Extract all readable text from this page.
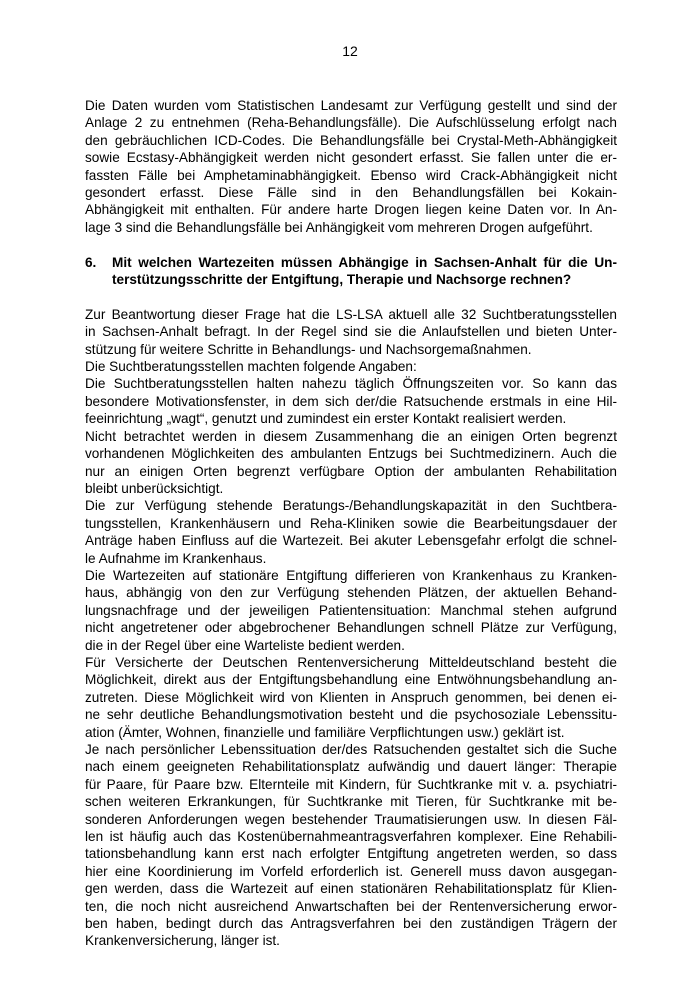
12
Die Daten wurden vom Statistischen Landesamt zur Verfügung gestellt und sind der
Anlage 2 zu entnehmen (Reha-Behandlungsfälle). Die Aufschlüsselung erfolgt nach
den gebräuchlichen ICD-Codes. Die Behandlungsfälle bei Crystal-Meth-Abhängigkeit
sowie Ecstasy-Abhängigkeit werden nicht gesondert erfasst. Sie fallen unter die er-
fassten Fälle bei Amphetaminabhängigkeit. Ebenso wird Crack-Abhängigkeit nicht
gesondert erfasst. Diese Fälle sind in den Behandlungsfällen bei Kokain-
Abhängigkeit mit enthalten. Für andere harte Drogen liegen keine Daten vor. In An-
lage 3 sind die Behandlungsfälle bei Anhängigkeit vom mehreren Drogen aufgeführt.
6.	Mit welchen Wartezeiten müssen Abhängige in Sachsen-Anhalt für die Un-
terstützungsschritte der Entgiftung, Therapie und Nachsorge rechnen?
Zur Beantwortung dieser Frage hat die LS-LSA aktuell alle 32 Suchtberatungsstellen
in Sachsen-Anhalt befragt. In der Regel sind sie die Anlaufstellen und bieten Unter-
stützung für weitere Schritte in Behandlungs- und Nachsorgemaßnahmen.
Die Suchtberatungsstellen machten folgende Angaben:
Die Suchtberatungsstellen halten nahezu täglich Öffnungszeiten vor. So kann das
besondere Motivationsfenster, in dem sich der/die Ratsuchende erstmals in eine Hil-
feeinrichtung „wagt“, genutzt und zumindest ein erster Kontakt realisiert werden.
Nicht betrachtet werden in diesem Zusammenhang die an einigen Orten begrenzt
vorhandenen Möglichkeiten des ambulanten Entzugs bei Suchtmedizinern. Auch die
nur an einigen Orten begrenzt verfügbare Option der ambulanten Rehabilitation
bleibt unberücksichtigt.
Die zur Verfügung stehende Beratungs-/Behandlungskapazität in den Suchtbera-
tungsstellen, Krankenhäusern und Reha-Kliniken sowie die Bearbeitungsdauer der
Anträge haben Einfluss auf die Wartezeit. Bei akuter Lebensgefahr erfolgt die schnel-
le Aufnahme im Krankenhaus.
Die Wartezeiten auf stationäre Entgiftung differieren von Krankenhaus zu Kranken-
haus, abhängig von den zur Verfügung stehenden Plätzen, der aktuellen Behand-
lungsnachfrage und der jeweiligen Patientensituation: Manchmal stehen aufgrund
nicht angetretener oder abgebrochener Behandlungen schnell Plätze zur Verfügung,
die in der Regel über eine Warteliste bedient werden.
Für Versicherte der Deutschen Rentenversicherung Mitteldeutschland besteht die
Möglichkeit, direkt aus der Entgiftungsbehandlung eine Entwöhnungsbehandlung an-
zutreten. Diese Möglichkeit wird von Klienten in Anspruch genommen, bei denen ei-
ne sehr deutliche Behandlungsmotivation besteht und die psychosoziale Lebenssitu-
ation (Ämter, Wohnen, finanzielle und familiäre Verpflichtungen usw.) geklärt ist.
Je nach persönlicher Lebenssituation der/des Ratsuchenden gestaltet sich die Suche
nach einem geeigneten Rehabilitationsplatz aufwändig und dauert länger: Therapie
für Paare, für Paare bzw. Elternteile mit Kindern, für Suchtkranke mit v. a. psychiatri-
schen weiteren Erkrankungen, für Suchtkranke mit Tieren, für Suchtkranke mit be-
sonderen Anforderungen wegen bestehender Traumatisierungen usw. In diesen Fäl-
len ist häufig auch das Kostenübernahmeantragsverfahren komplexer. Eine Rehabili-
tationsbehandlung kann erst nach erfolgter Entgiftung angetreten werden, so dass
hier eine Koordinierung im Vorfeld erforderlich ist. Generell muss davon ausgegan-
gen werden, dass die Wartezeit auf einen stationären Rehabilitationsplatz für Klien-
ten, die noch nicht ausreichend Anwartschaften bei der Rentenversicherung erwor-
ben haben, bedingt durch das Antragsverfahren bei den zuständigen Trägern der
Krankenversicherung, länger ist.
